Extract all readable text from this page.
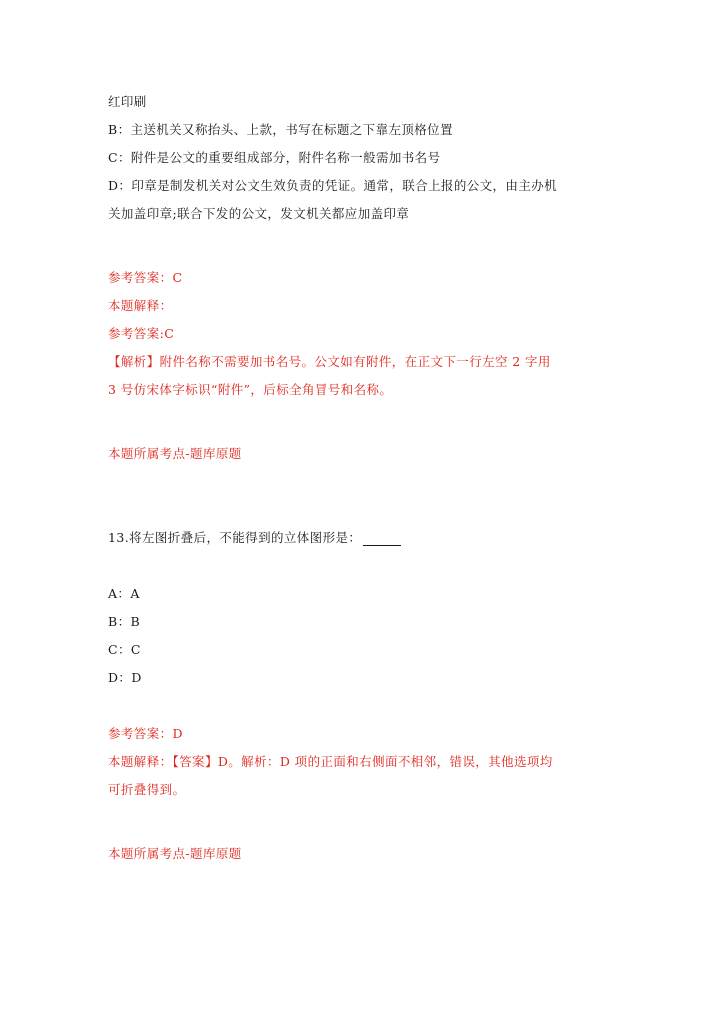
红印刷
B：主送机关又称抬头、上款，书写在标题之下靠左顶格位置
C：附件是公文的重要组成部分，附件名称一般需加书名号
D：印章是制发机关对公文生效负责的凭证。通常，联合上报的公文，由主办机
关加盖印章;联合下发的公文，发文机关都应加盖印章
参考答案：C
本题解释：
参考答案:C
【解析】附件名称不需要加书名号。公文如有附件，在正文下一行左空 2 字用
3 号仿宋体字标识“附件”，后标全角冒号和名称。
本题所属考点-题库原题
13.将左图折叠后，不能得到的立体图形是：
A：A
B：B
C：C
D：D
参考答案：D
本题解释：【答案】D。解析：D 项的正面和右侧面不相邻，错误，其他选项均
可折叠得到。
本题所属考点-题库原题
